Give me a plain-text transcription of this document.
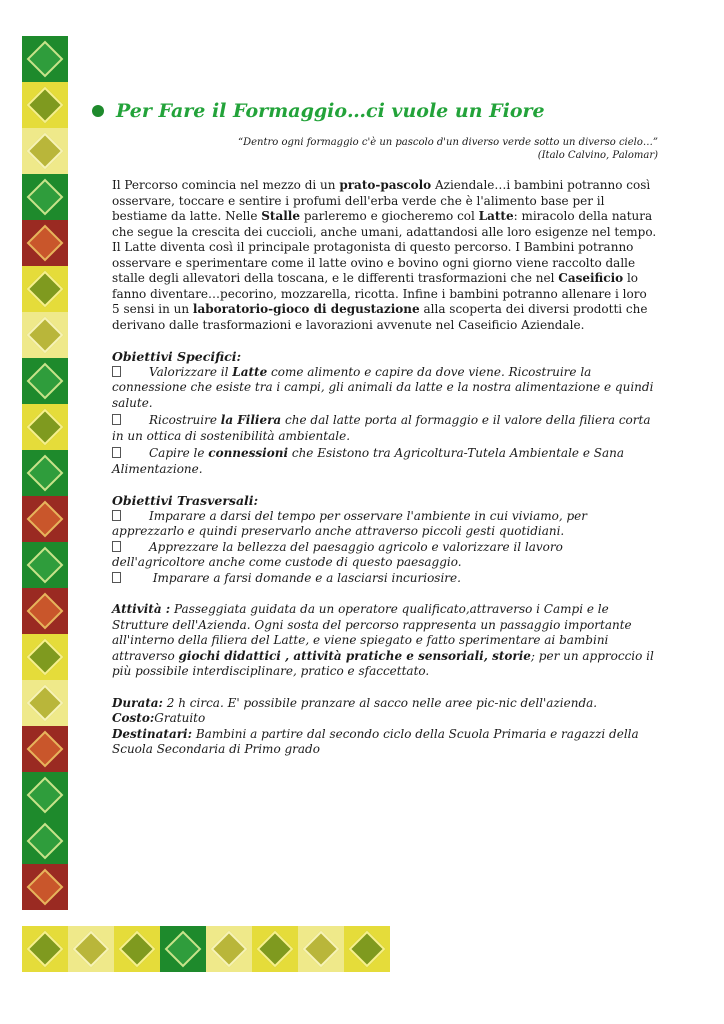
Per Fare il Formaggio…ci vuole un Fiore
“Dentro ogni formaggio c'è un pascolo d'un diverso verde sotto un diverso cielo…”
(Italo Calvino, Palomar)
Il Percorso comincia nel mezzo di un prato-pascolo Aziendale…i bambini potranno così osservare, toccare e sentire i profumi dell'erba verde che è l'alimento base per il bestiame da latte. Nelle Stalle parleremo e giocheremo col Latte: miracolo della natura che segue la crescita dei cuccioli, anche umani, adattandosi alle loro esigenze nel tempo. Il Latte diventa così il principale protagonista di questo percorso. I Bambini potranno osservare e sperimentare come il latte ovino e bovino ogni giorno viene raccolto dalle stalle degli allevatori della toscana, e le differenti trasformazioni che nel Caseificio lo fanno diventare…pecorino, mozzarella, ricotta. Infine i bambini potranno allenare i loro 5 sensi in un laboratorio-gioco di degustazione alla scoperta dei diversi prodotti che derivano dalle trasformazioni e lavorazioni avvenute nel Caseificio Aziendale.
Obiettivi Specifici:
Valorizzare il Latte come alimento e capire da dove viene. Ricostruire la connessione che esiste tra i campi, gli animali da latte e la nostra alimentazione e quindi salute.
Ricostruire la Filiera che dal latte porta al formaggio e il valore della filiera corta in un ottica di sostenibilità ambientale.
Capire le connessioni che Esistono tra Agricoltura-Tutela Ambientale e Sana Alimentazione.
Obiettivi Trasversali:
Imparare a darsi del tempo per osservare l'ambiente in cui viviamo, per apprezzarlo e quindi preservarlo anche attraverso piccoli gesti quotidiani.
Apprezzare la bellezza del paesaggio agricolo e valorizzare il lavoro dell'agricoltore anche come custode di questo paesaggio.
Imparare a farsi domande e a lasciarsi incuriosire.
Attività : Passeggiata guidata da un operatore qualificato,attraverso i Campi e le Strutture dell'Azienda. Ogni sosta del percorso rappresenta un passaggio importante all'interno della filiera del Latte, e viene spiegato e fatto sperimentare ai bambini attraverso giochi didattici , attività pratiche e sensoriali, storie; per un approccio il più possibile interdisciplinare, pratico e sfaccettato.
Durata: 2 h circa. E' possibile pranzare al sacco nelle aree pic-nic dell'azienda.
Costo:Gratuito
Destinatari: Bambini a partire dal secondo ciclo della Scuola Primaria e ragazzi della Scuola Secondaria di Primo grado
